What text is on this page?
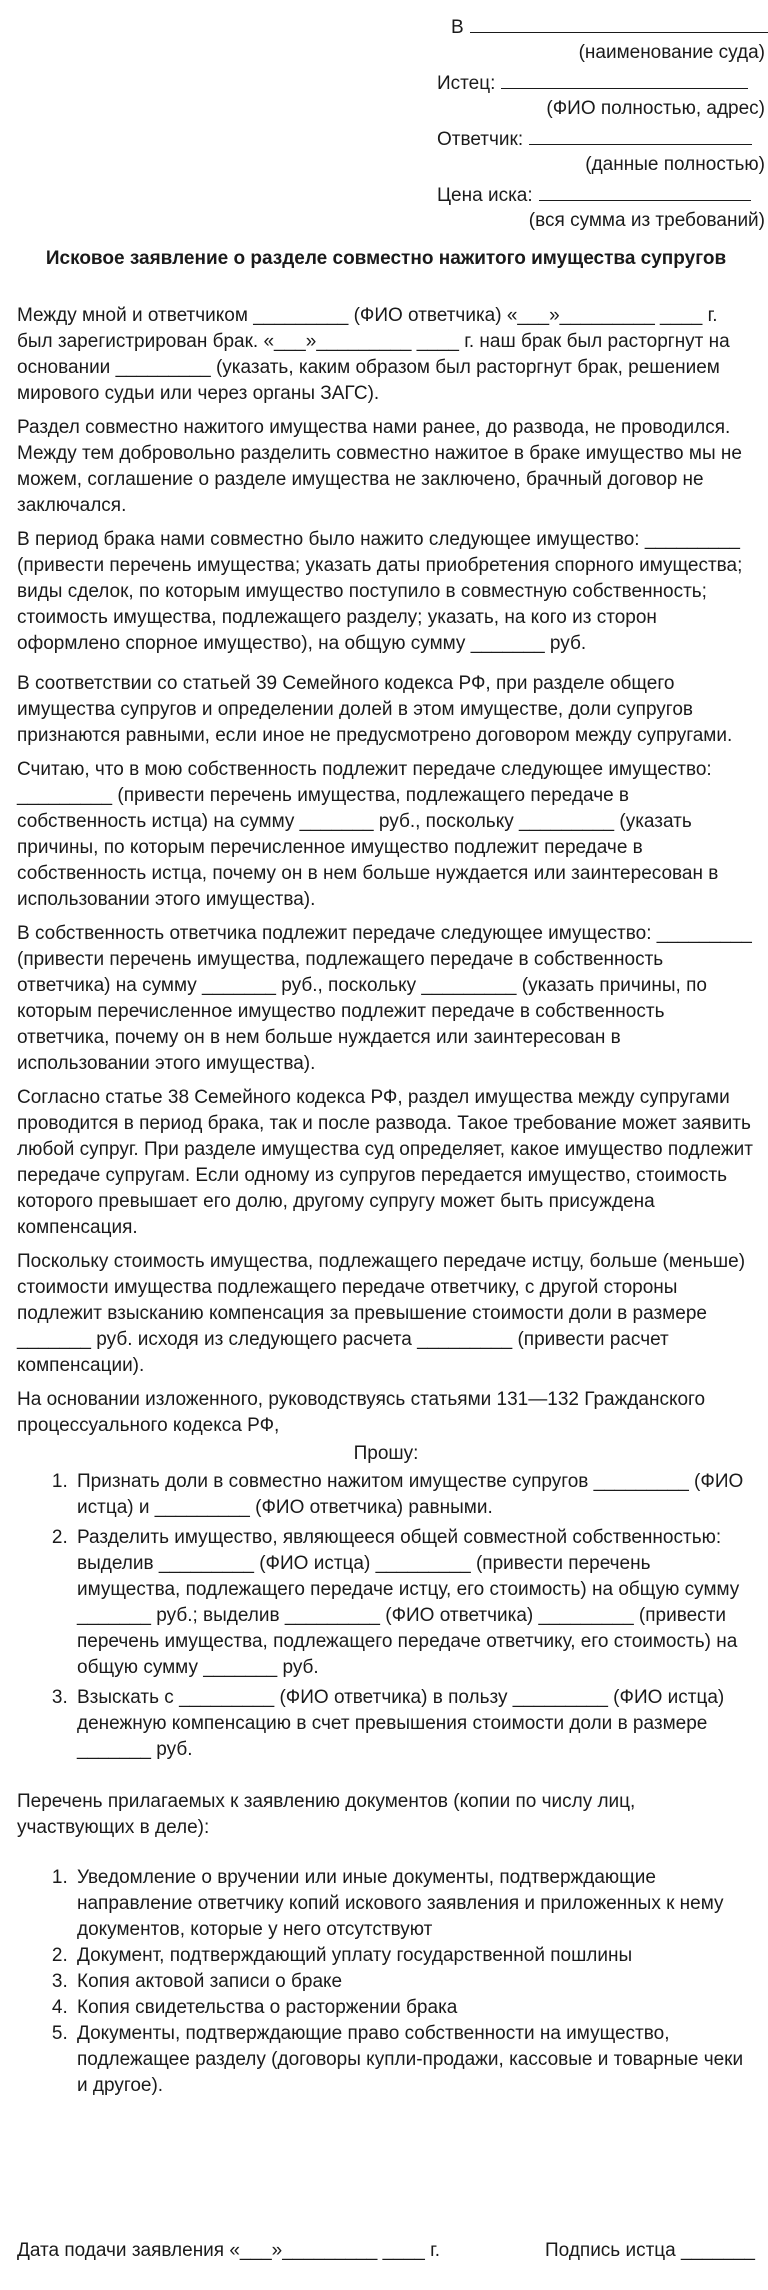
В
(наименование суда)
Истец:
(ФИО полностью, адрес)
Ответчик:
(данные полностью)
Цена иска:
(вся сумма из требований)
Исковое заявление о разделе совместно нажитого имущества супругов

Между мной и ответчиком _________ (ФИО ответчика) «___»_________ ____ г. был зарегистрирован брак. «___»_________ ____ г. наш брак был расторгнут на основании _________ (указать, каким образом был расторгнут брак, решением мирового судьи или через органы ЗАГС).

Раздел совместно нажитого имущества нами ранее, до развода, не проводился. Между тем добровольно разделить совместно нажитое в браке имущество мы не можем, соглашение о разделе имущества не заключено, брачный договор не заключался.

В период брака нами совместно было нажито следующее имущество: _________ (привести перечень имущества; указать даты приобретения спорного имущества; виды сделок, по которым имущество поступило в совместную собственность; стоимость имущества, подлежащего разделу; указать, на кого из сторон оформлено спорное имущество), на общую сумму _______ руб.

В соответствии со статьей 39 Семейного кодекса РФ, при разделе общего имущества супругов и определении долей в этом имуществе, доли супругов признаются равными, если иное не предусмотрено договором между супругами.

Считаю, что в мою собственность подлежит передаче следующее имущество: _________ (привести перечень имущества, подлежащего передаче в собственность истца) на сумму _______ руб., поскольку _________ (указать причины, по которым перечисленное имущество подлежит передаче в собственность истца, почему он в нем больше нуждается или заинтересован в использовании этого имущества).

В собственность ответчика подлежит передаче следующее имущество: _________ (привести перечень имущества, подлежащего передаче в собственность ответчика) на сумму _______ руб., поскольку _________ (указать причины, по которым перечисленное имущество подлежит передаче в собственность ответчика, почему он в нем больше нуждается или заинтересован в использовании этого имущества).

Согласно статье 38 Семейного кодекса РФ, раздел имущества между супругами проводится в период брака, так и после развода. Такое требование может заявить любой супруг. При разделе имущества суд определяет, какое имущество подлежит передаче супругам. Если одному из супругов передается имущество, стоимость которого превышает его долю, другому супругу может быть присуждена компенсация.

Поскольку стоимость имущества, подлежащего передаче истцу, больше (меньше) стоимости имущества подлежащего передаче ответчику, с другой стороны подлежит взысканию компенсация за превышение стоимости доли в размере _______ руб. исходя из следующего расчета _________ (привести расчет компенсации).

На основании изложенного, руководствуясь статьями 131—132 Гражданского процессуального кодекса РФ,

Прошу:
1. Признать доли в совместно нажитом имуществе супругов _________ (ФИО истца) и _________ (ФИО ответчика) равными.
2. Разделить имущество, являющееся общей совместной собственностью: выделив _________ (ФИО истца) _________ (привести перечень имущества, подлежащего передаче истцу, его стоимость) на общую сумму _______ руб.; выделив _________ (ФИО ответчика) _________ (привести перечень имущества, подлежащего передаче ответчику, его стоимость) на общую сумму _______ руб.
3. Взыскать с _________ (ФИО ответчика) в пользу _________ (ФИО истца) денежную компенсацию в счет превышения стоимости доли в размере _______ руб.
Перечень прилагаемых к заявлению документов (копии по числу лиц, участвующих в деле):
1. Уведомление о вручении или иные документы, подтверждающие направление ответчику копий искового заявления и приложенных к нему документов, которые у него отсутствуют
2. Документ, подтверждающий уплату государственной пошлины
3. Копия актовой записи о браке
4. Копия свидетельства о расторжении брака
5. Документы, подтверждающие право собственности на имущество, подлежащее разделу (договоры купли-продажи, кассовые и товарные чеки и другое).
Дата подачи заявления «___»_________ ____ г.	Подпись истца _______
